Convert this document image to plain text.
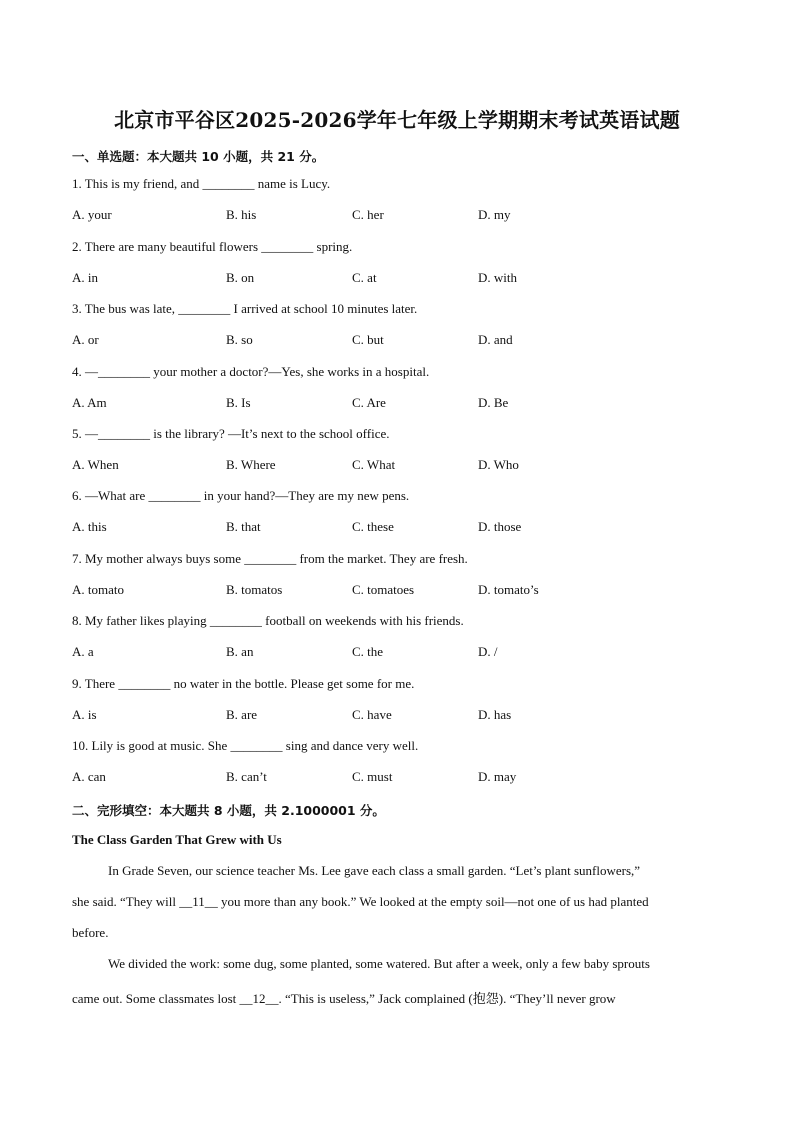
北京市平谷区2025-2026学年七年级上学期期末考试英语试题
一、单选题：本大题共 10 小题，共 21 分。
1. This is my friend, and ________ name is Lucy.
A. your	B. his	C. her	D. my
2. There are many beautiful flowers ________ spring.
A. in	B. on	C. at	D. with
3. The bus was late, ________ I arrived at school 10 minutes later.
A. or	B. so	C. but	D. and
4. —________ your mother a doctor?—Yes, she works in a hospital.
A. Am	B. Is	C. Are	D. Be
5. —________ is the library? —It’s next to the school office.
A. When	B. Where	C. What	D. Who
6. —What are ________ in your hand?—They are my new pens.
A. this	B. that	C. these	D. those
7. My mother always buys some ________ from the market. They are fresh.
A. tomato	B. tomatos	C. tomatoes	D. tomato’s
8. My father likes playing ________ football on weekends with his friends.
A. a	B. an	C. the	D. /
9. There ________ no water in the bottle. Please get some for me.
A. is	B. are	C. have	D. has
10. Lily is good at music. She ________ sing and dance very well.
A. can	B. can’t	C. must	D. may
二、完形填空：本大题共 8 小题，共 2.1000001 分。
The Class Garden That Grew with Us
In Grade Seven, our science teacher Ms. Lee gave each class a small garden. “Let’s plant sunflowers,”
she said. “They will __11__ you more than any book.” We looked at the empty soil—not one of us had planted
before.
We divided the work: some dug, some planted, some watered. But after a week, only a few baby sprouts
came out. Some classmates lost __12__. “This is useless,” Jack complained (抱怨). “They’ll never grow
